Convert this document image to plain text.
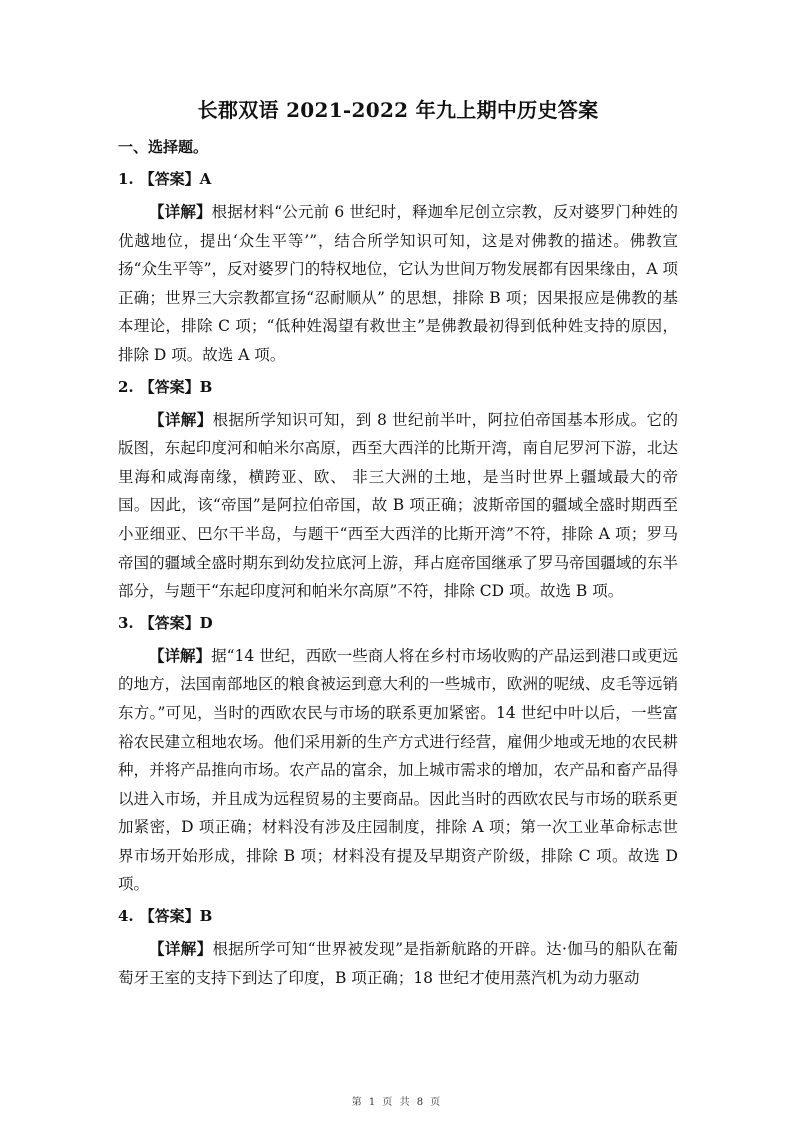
长郡双语 2021-2022 年九上期中历史答案
一、选择题。
1. 【答案】A

【详解】根据材料“公元前 6 世纪时，释迦牟尼创立宗教，反对婆罗门种姓的优越地位，提出‘众生平等’”，结合所学知识可知，这是对佛教的描述。佛教宣扬“众生平等”，反对婆罗门的特权地位，它认为世间万物发展都有因果缘由，A 项正确；世界三大宗教都宣扬“忍耐顺从” 的思想，排除 B 项；因果报应是佛教的基本理论，排除 C 项；“低种姓渴望有救世主”是佛教最初得到低种姓支持的原因，排除 D 项。故选 A 项。

2. 【答案】B

【详解】根据所学知识可知，到 8 世纪前半叶，阿拉伯帝国基本形成。它的版图，东起印度河和帕米尔高原，西至大西洋的比斯开湾，南自尼罗河下游，北达里海和咸海南缘，横跨亚、欧、 非三大洲的土地，是当时世界上疆域最大的帝国。因此，该“帝国”是阿拉伯帝国，故 B 项正确；波斯帝国的疆域全盛时期西至小亚细亚、巴尔干半岛，与题干“西至大西洋的比斯开湾”不符，排除 A 项；罗马帝国的疆域全盛时期东到幼发拉底河上游，拜占庭帝国继承了罗马帝国疆域的东半部分，与题干“东起印度河和帕米尔高原”不符，排除 CD 项。故选 B 项。

3. 【答案】D

【详解】据“14 世纪，西欧一些商人将在乡村市场收购的产品运到港口或更远的地方，法国南部地区的粮食被运到意大利的一些城市，欧洲的呢绒、皮毛等远销东方。”可见，当时的西欧农民与市场的联系更加紧密。14 世纪中叶以后，一些富裕农民建立租地农场。他们采用新的生产方式进行经营，雇佣少地或无地的农民耕种，并将产品推向市场。农产品的富余，加上城市需求的增加，农产品和畜产品得以进入市场，并且成为远程贸易的主要商品。因此当时的西欧农民与市场的联系更加紧密，D 项正确；材料没有涉及庄园制度，排除 A 项；第一次工业革命标志世界市场开始形成，排除 B 项；材料没有提及早期资产阶级，排除 C 项。故选 D 项。

4. 【答案】B

【详解】根据所学可知“世界被发现”是指新航路的开辟。达·伽马的船队在葡萄牙王室的支持下到达了印度，B 项正确；18 世纪才使用蒸汽机为动力驱动

第 1 页 共 8 页
